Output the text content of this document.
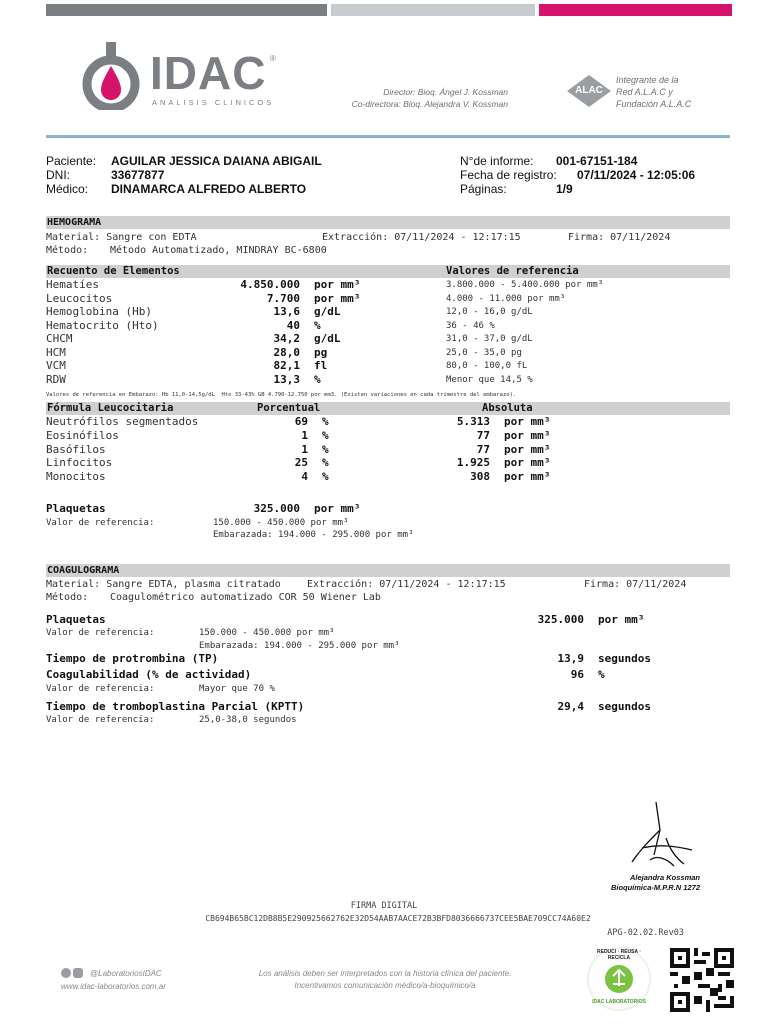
IDAC ®
ANALISIS CLINICOS
Director: Bioq. Ángel J. Kossman
Co-directora: Bioq. Alejandra V. Kossman
ALAC
Integrante de la
Red A.L.A.C y
Fundación A.L.A.C
Paciente: AGUILAR JESSICA DAIANA ABIGAIL
DNI:	33677877
Médico: DINAMARCA ALFREDO ALBERTO
N°de informe: 001-67151-184
Fecha de registro: 07/11/2024 - 12:05:06
Páginas:	1/9
HEMOGRAMA
Material: Sangre con EDTA	Extracción: 07/11/2024 - 12:17:15	Firma: 07/11/2024
Método: Método Automatizado, MINDRAY BC-6800
Recuento de Elementos	Valores de referencia
Hematíes	4.850.000 por mm³	3.800.000 - 5.400.000 por mm³
Leucocitos	7.700 por mm³	4.000 - 11.000 por mm³
Hemoglobina (Hb)	13,6 g/dL	12,0 - 16,0 g/dL
Hematocrito (Hto)	40 %	36 - 46 %
CHCM	34,2 g/dL	31,0 - 37,0 g/dL
HCM	28,0 pg	25,0 - 35,0 pg
VCM	82,1 fl	80,0 - 100,0 fL
RDW	13,3 %	Menor que 14,5 %
Valores de referencia en Embarazo: Hb 11,0-14,5g/dL  Hto 33-43% GB 4.790-12.750 por mm3. (Existen variaciones en cada trimestre del embarazo).
Fórmula Leucocitaria	Porcentual	Absoluta
Neutrófilos segmentados	69 %	5.313 por mm³
Eosinófilos	1 %	77 por mm³
Basófilos	1 %	77 por mm³
Linfocitos	25 %	1.925 por mm³
Monocitos	4 %	308 por mm³
Plaquetas	325.000 por mm³
Valor de referencia:	150.000 - 450.000 por mm³
Embarazada: 194.000 - 295.000 por mm³
COAGULOGRAMA
Material: Sangre EDTA, plasma citratado	Extracción: 07/11/2024 - 12:17:15	Firma: 07/11/2024
Método: Coagulométrico automatizado COR 50 Wiener Lab
Plaquetas	325.000 por mm³
Valor de referencia:	150.000 - 450.000 por mm³
Embarazada: 194.000 - 295.000 por mm³
Tiempo de protrombina (TP)	13,9 segundos
Coagulabilidad (% de actividad)	96 %
Valor de referencia:	Mayor que 70 %
Tiempo de tromboplastina Parcial (KPTT)	29,4 segundos
Valor de referencia:	25,0-38,0 segundos
Alejandra Kossman
Bioquímica-M.P.R.N 1272
FIRMA DIGITAL
CB694B65BC12DB8B5E290925662762E32D54AAB7AACE72B3BFD8036666737CEE5BAE709CC74A60E2
APG-02.02.Rev03
@LaboratoriosIDAC
www.idac-laboratorios.com.ar
Los análisis deben ser interpretados con la historia clínica del paciente.
Incentivamos comunicación médico/a-bioquímico/a
REDUCI · REUSA · RECICLA
IDAC LABORATORIOS
